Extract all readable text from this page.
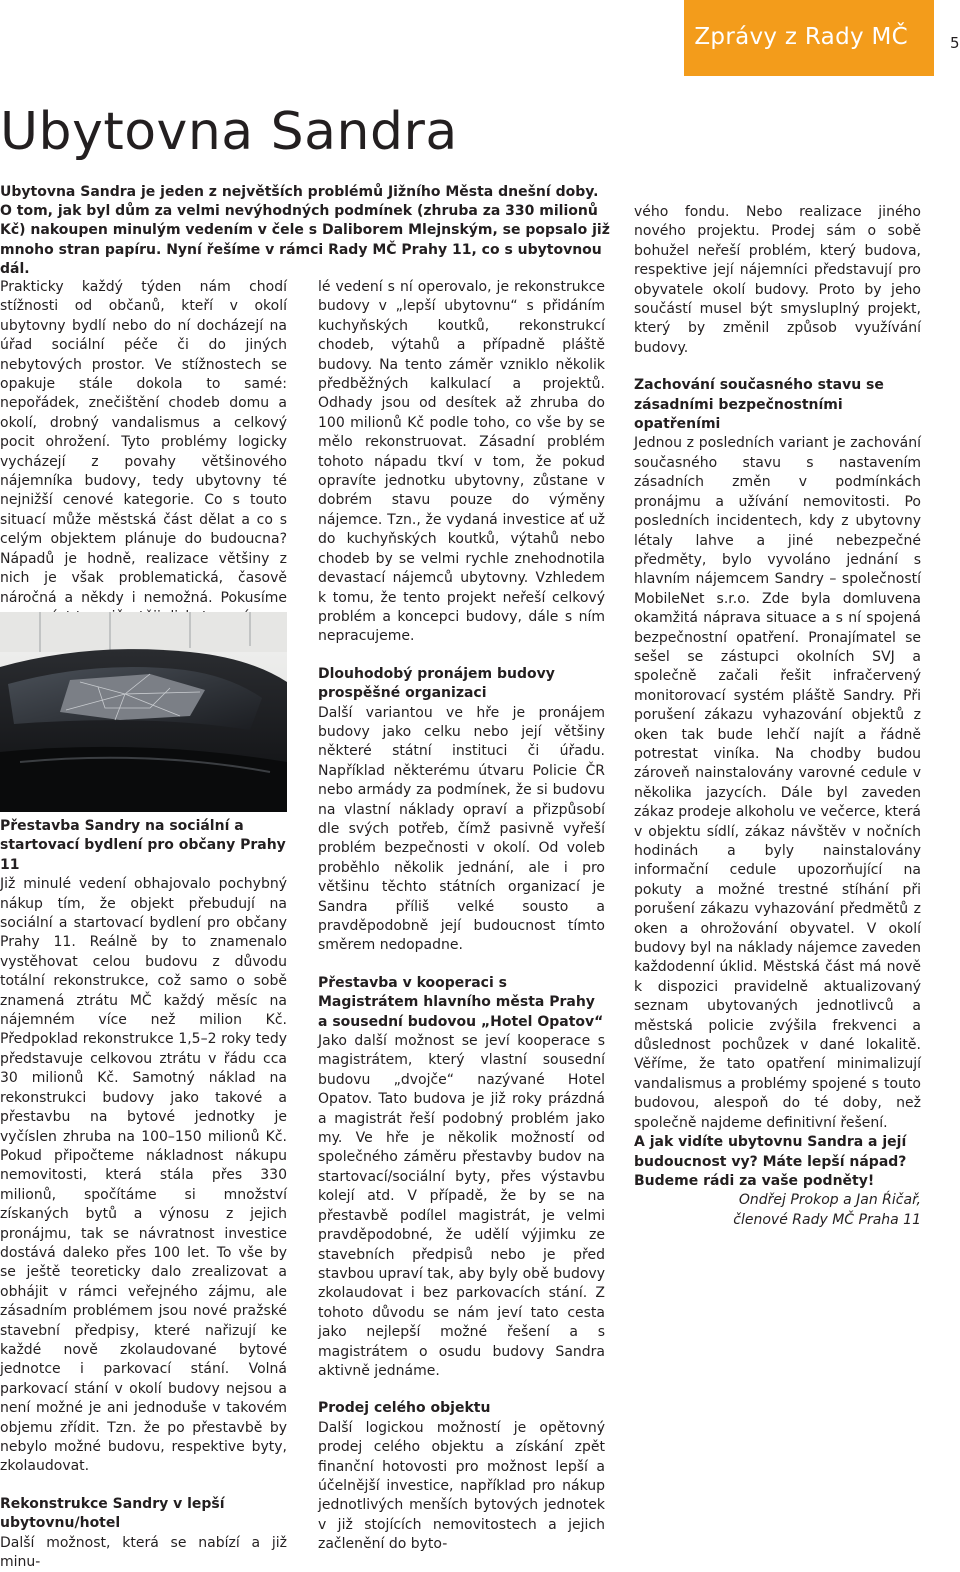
Zprávy z Rady MČ	5
Ubytovna Sandra

Ubytovna Sandra je jeden z největších problémů Jižního Města dnešní doby. O tom, jak byl dům za velmi nevýhodných podmínek (zhruba za 330 milionů Kč) nakoupen minulým vedením v čele s Daliborem Mlejnským, se popsalo již mnoho stran papíru. Nyní řešíme v rámci Rady MČ Prahy 11, co s ubytovnou dál.

Prakticky každý týden nám chodí stížnosti od občanů, kteří v okolí ubytovny bydlí nebo do ní docházejí na úřad sociální péče či do jiných nebytových prostor. Ve stížnostech se opakuje stále dokola to samé: nepořádek, znečištění chodeb domu a okolí, drobný vandalismus a celkový pocit ohrožení. Tyto problémy logicky vycházejí z povahy většinového nájemníka budovy, tedy ubytovny té nejnižší cenové kategorie. Co s touto situací může městská část dělat a co s celým objektem plánuje do budoucna? Nápadů je hodně, realizace většiny z nich je však problematická, časově náročná a někdy i nemožná. Pokusíme

Přestavba Sandry na sociální a startovací bydlení pro občany Prahy 11

Již minulé vedení obhajovalo pochybný nákup tím, že objekt přebudují na sociální a startovací bydlení pro občany Prahy 11. Reálně by to znamenalo vystěhovat celou budovu z důvodu totální rekonstrukce, což samo o sobě znamená ztrátu MČ každý měsíc na nájemném více než milion Kč. Předpoklad rekonstrukce 1,5–2 roky tedy představuje celkovou ztrátu v řádu cca 30 milionů Kč. Samotný náklad na rekonstrukci budovy jako takové a přestavbu na bytové jednotky je vyčíslen zhruba na 100–150 milionů Kč. Pokud připočteme nákladnost nákupu nemovitosti, která stála přes 330 milionů, spočítáme si množství získaných bytů a výnosu z jejich pronájmu, tak se návratnost investice dostává daleko přes 100 let. To vše by se ještě teoreticky dalo zrealizovat a obhájit v rámci veřejného zájmu, ale zásadním problémem jsou nové pražské stavební předpisy, které nařizují ke každé nově zkolaudované bytové jednotce i parkovací stání. Volná parkovací stání v okolí budovy nejsou a není možné je ani jednoduše v takovém objemu zřídit. Tzn. že po přestavbě by nebylo možné budovu, respektive byty, zkolaudovat.

Rekonstrukce Sandry v lepší ubytovnu/hotel

Další možnost, která se nabízí a již minu-

lé vedení s ní operovalo, je rekonstrukce budovy v „lepší ubytovnu“ s přidáním kuchyňských koutků, rekonstrukcí chodeb, výtahů a případně pláště budovy. Na tento záměr vzniklo několik předběžných kalkulací a projektů. Odhady jsou od desítek až zhruba do 100 milionů Kč podle toho, co vše by se mělo rekonstruovat. Zásadní problém tohoto nápadu tkví v tom, že pokud opravíte jednotku ubytovny, zůstane v dobrém stavu pouze do výměny nájemce. Tzn., že vydaná investice ať už do kuchyňských koutků, výtahů nebo chodeb by se velmi rychle znehodnotila devastací nájemců ubytovny. Vzhledem k tomu, že tento projekt neřeší celkový problém a koncepci budovy, dále s ním nepracujeme.

Dlouhodobý pronájem budovy prospěšné organizaci

Další variantou ve hře je pronájem budovy jako celku nebo její většiny některé státní instituci či úřadu. Například některému útvaru Policie ČR nebo armády za podmínek, že si budovu na vlastní náklady opraví a přizpůsobí dle svých potřeb, čímž pasivně vyřeší problém bezpečnosti v okolí. Od voleb proběhlo několik jednání, ale i pro většinu těchto státních organizací je Sandra příliš velké sousto a pravděpodobně její budoucnost tímto směrem nedopadne.

Přestavba v kooperaci s Magistrátem hlavního města Prahy a sousední budovou „Hotel Opatov“

Jako další možnost se jeví kooperace s magistrátem, který vlastní sousední budovu „dvojče“ nazývané Hotel Opatov. Tato budova je již roky prázdná a magistrát řeší podobný problém jako my. Ve hře je několik možností od společného záměru přestavby budov na startovací/sociální byty, přes výstavbu kolejí atd. V případě, že by se na přestavbě podílel magistrát, je velmi pravděpodobné, že udělí výjimku ze stavebních předpisů nebo je před stavbou upraví tak, aby byly obě budovy zkolaudovat i bez parkovacích stání. Z tohoto důvodu se nám jeví tato cesta jako nejlepší možné řešení a s magistrátem o osudu budovy Sandra aktivně jednáme.

Prodej celého objektu

Další logickou možností je opětovný prodej celého objektu a získání zpět finanční hotovosti pro možnost lepší a účelnější investice, například pro nákup jednotlivých menších bytových jednotek v již stojících nemovitostech a jejich začlenění do byto-

vého fondu. Nebo realizace jiného nového projektu. Prodej sám o sobě bohužel neřeší problém, který budova, respektive její nájemníci představují pro obyvatele okolí budovy. Proto by jeho součástí musel být smysluplný projekt, který by změnil způsob využívání budovy.

Zachování současného stavu se zásadními bezpečnostními opatřeními

Jednou z posledních variant je zachování současného stavu s nastavením zásadních změn v podmínkách pronájmu a užívání nemovitosti. Po posledních incidentech, kdy z ubytovny létaly lahve a jiné nebezpečné předměty, bylo vyvoláno jednání s hlavním nájemcem Sandry – společností MobileNet s.r.o. Zde byla domluvena okamžitá náprava situace a s ní spojená bezpečnostní opatření. Pronajímatel se sešel se zástupci okolních SVJ a společně začali řešit infračervený monitorovací systém pláště Sandry. Při porušení zákazu vyhazování objektů z oken tak bude lehčí najít a řádně potrestat viníka. Na chodby budou zároveň nainstalovány varovné cedule v několika jazycích. Dále byl zaveden zákaz prodeje alkoholu ve večerce, která v objektu sídlí, zákaz návštěv v nočních hodinách a byly nainstalovány informační cedule upozorňující na pokuty a možné trestné stíhání při porušení zákazu vyhazování předmětů z oken a ohrožování obyvatel. V okolí budovy byl na náklady nájemce zaveden každodenní úklid. Městská část má nově k dispozici pravidelně aktualizovaný seznam ubytovaných jednotlivců a městská policie zvýšila frekvenci a důslednost pochůzek v dané lokalitě. Věříme, že tato opatření minimalizují vandalismus a problémy spojené s touto budovou, alespoň do té doby, než společně najdeme definitivní řešení.

A jak vidíte ubytovnu Sandra a její budoucnost vy? Máte lepší nápad? Budeme rádi za vaše podněty!

Ondřej Prokop a Jan Ŕičař,

členové Rady MČ Praha 11
